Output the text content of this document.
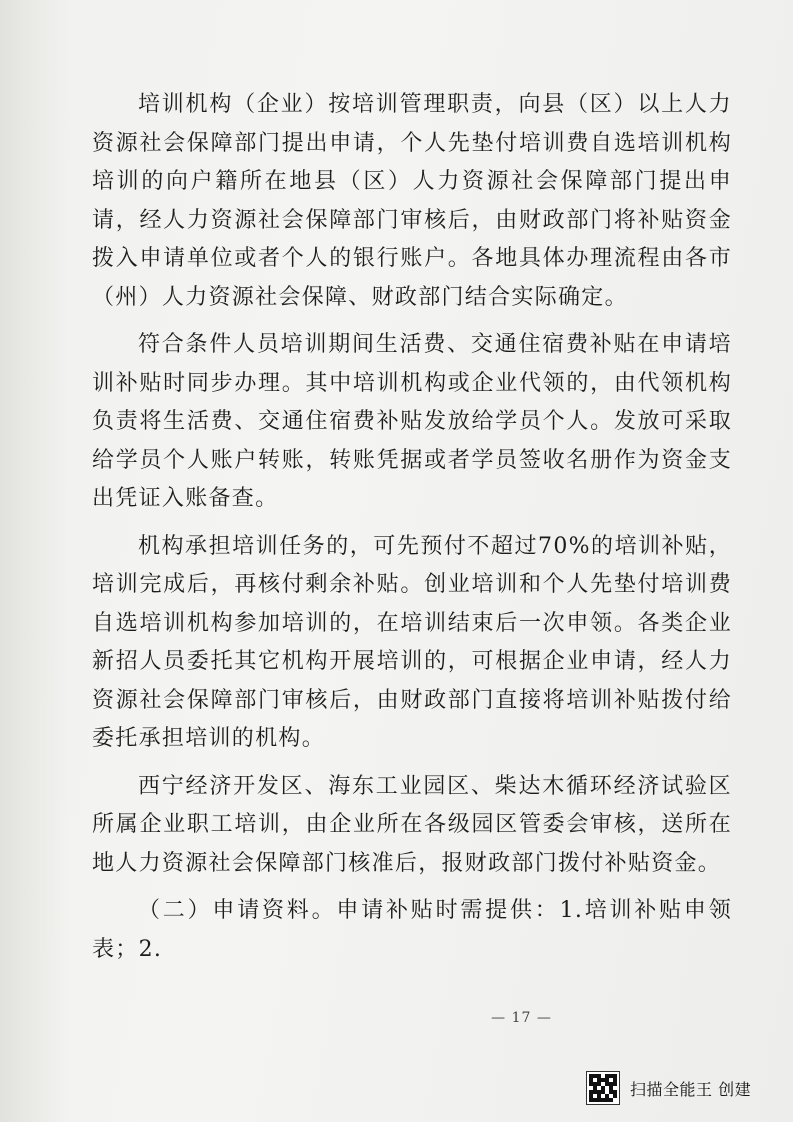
培训机构（企业）按培训管理职责，向县（区）以上人力资源社会保障部门提出申请，个人先垫付培训费自选培训机构培训的向户籍所在地县（区）人力资源社会保障部门提出申请，经人力资源社会保障部门审核后，由财政部门将补贴资金拨入申请单位或者个人的银行账户。各地具体办理流程由各市（州）人力资源社会保障、财政部门结合实际确定。

符合条件人员培训期间生活费、交通住宿费补贴在申请培训补贴时同步办理。其中培训机构或企业代领的，由代领机构负责将生活费、交通住宿费补贴发放给学员个人。发放可采取给学员个人账户转账，转账凭据或者学员签收名册作为资金支出凭证入账备查。

机构承担培训任务的，可先预付不超过70%的培训补贴，培训完成后，再核付剩余补贴。创业培训和个人先垫付培训费自选培训机构参加培训的，在培训结束后一次申领。各类企业新招人员委托其它机构开展培训的，可根据企业申请，经人力资源社会保障部门审核后，由财政部门直接将培训补贴拨付给委托承担培训的机构。

西宁经济开发区、海东工业园区、柴达木循环经济试验区所属企业职工培训，由企业所在各级园区管委会审核，送所在地人力资源社会保障部门核准后，报财政部门拨付补贴资金。

（二）申请资料。申请补贴时需提供：1.培训补贴申领表；2.

— 17 —
扫描全能王 创建
